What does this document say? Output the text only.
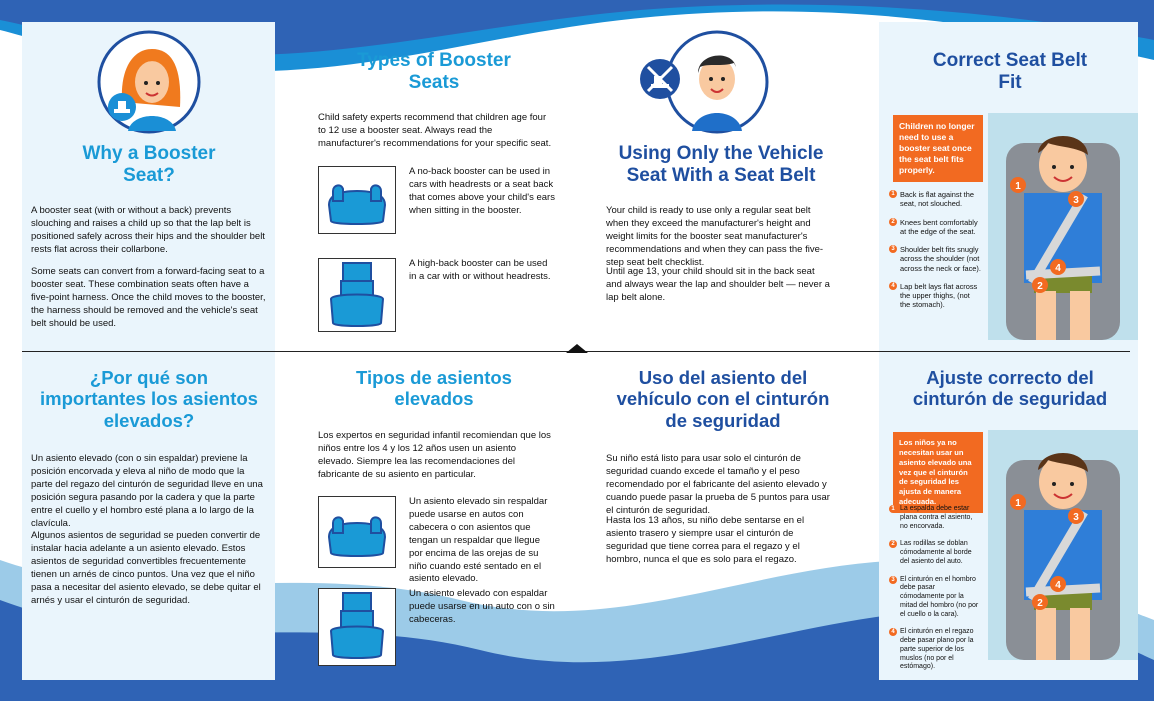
Why a Booster Seat?

A booster seat (with or without a back) prevents slouching and raises a child up so that the lap belt is positioned safely across their hips and the shoulder belt rests flat across their collarbone.

Some seats can convert from a forward-facing seat to a booster seat. These combination seats often have a five-point harness. Once the child moves to the booster, the harness should be removed and the vehicle's seat belt should be used.

Types of Booster Seats

Child safety experts recommend that children age four to 12 use a booster seat. Always read the manufacturer's recommendations for your specific seat.

A no-back booster can be used in cars with headrests or a seat back that comes above your child's ears when sitting in the booster.

A high-back booster can be used in a car with or without headrests.

Using Only the Vehicle Seat With a Seat Belt

Your child is ready to use only a regular seat belt when they exceed the manufacturer's height and weight limits for the booster seat manufacturer's recommendations and when they can pass the five-step seat belt checklist.

Until age 13, your child should sit in the back seat and always wear the lap and shoulder belt — never a lap belt alone.

Correct Seat Belt Fit
Children no longer need to use a booster seat once the seat belt fits properly.
1 Back is flat against the seat, not slouched.
2 Knees bent comfortably at the edge of the seat.
3 Shoulder belt fits snugly across the shoulder (not across the neck or face).
4 Lap belt lays flat across the upper thighs, (not the stomach).
1
2
3
4
¿Por qué son importantes los asientos elevados?

Un asiento elevado (con o sin espaldar) previene la posición encorvada y eleva al niño de modo que la parte del regazo del cinturón de seguridad lleve en una posición segura pasando por la cadera y que la parte entre el cuello y el hombro esté plana a lo largo de la clavícula.

Algunos asientos de seguridad se pueden convertir de instalar hacia adelante a un asiento elevado. Estos asientos de seguridad convertibles frecuentemente tienen un arnés de cinco puntos. Una vez que el niño pasa a necesitar del asiento elevado, se debe quitar el arnés y usar el cinturón de seguridad.

Tipos de asientos elevados

Los expertos en seguridad infantil recomiendan que los niños entre los 4 y los 12 años usen un asiento elevado. Siempre lea las recomendaciones del fabricante de su asiento en particular.

Un asiento elevado sin respaldar puede usarse en autos con cabecera o con asientos que tengan un respaldar que llegue por encima de las orejas de su niño cuando esté sentado en el asiento elevado.

Un asiento elevado con espaldar puede usarse en un auto con o sin cabeceras.

Uso del asiento del vehículo con el cinturón de seguridad

Su niño está listo para usar solo el cinturón de seguridad cuando excede el tamaño y el peso recomendado por el fabricante del asiento elevado y cuando puede pasar la prueba de 5 puntos para usar el cinturón de seguridad.

Hasta los 13 años, su niño debe sentarse en el asiento trasero y siempre usar el cinturón de seguridad que tiene correa para el regazo y el hombro, nunca el que es solo para el regazo.

Ajuste correcto del cinturón de seguridad
Los niños ya no necesitan usar un asiento elevado una vez que el cinturón de seguridad les ajusta de manera adecuada.
1 La espalda debe estar plana contra el asiento, no encorvada.
2 Las rodillas se doblan cómodamente al borde del asiento del auto.
3 El cinturón en el hombro debe pasar cómodamente por la mitad del hombro (no por el cuello o la cara).
4 El cinturón en el regazo debe pasar plano por la parte superior de los muslos (no por el estómago).
1
2
3
4
